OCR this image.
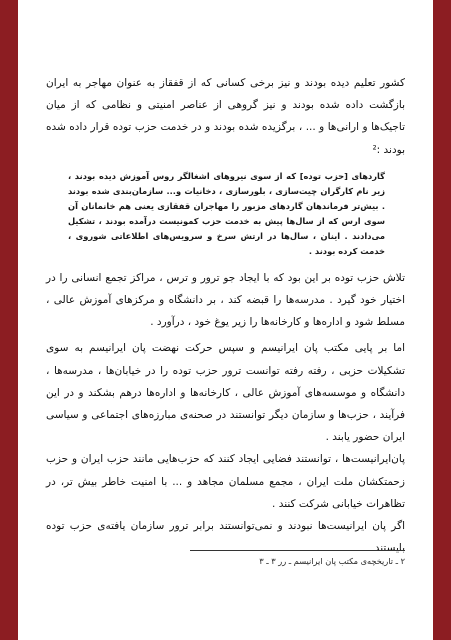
کشور تعلیم دیده بودند و نیز برخی کسانی که از قفقاز به عنوان مهاجر به ایران بازگشت داده شده بودند و نیز گروهی از عناصر امنیتی و نظامی که از میان تاجیک‌ها و ارانی‌ها و ... ، برگزیده شده بودند و در خدمت حزب توده قرار داده شده بودند :²

گاردهای [حزب توده] که از سوی نیروهای اشغالگر روس آموزش دیده بودند ، زیر نام کارگران چیت‌سازی ، بلورسازی ، دخانیات و... سازمان‌بندی شده بودند . بیش‌تر فرماندهان گاردهای مزبور را مهاجران قفقازی یعنی هم خانمانان آن سوی ارس که از سال‌ها پیش به خدمت حزب کمونیست درآمده بودند ، تشکیل می‌دادند . اینان ، سال‌ها در ارتش سرخ و سرویس‌های اطلاعاتی شوروی ، خدمت کرده بودند .

تلاش حزب توده بر این بود که با ایجاد جو ترور و ترس ، مراکز تجمع انسانی را در اختیار خود گیرد . مدرسه‌ها را قبضه کند ، بر دانشگاه و مرکزهای آموزش عالی ، مسلط شود و اداره‌ها و کارخانه‌ها را زیر یوغ خود ، درآورد .

اما بر پایی مکتب پان ایرانیسم و سپس حرکت نهضت پان ایرانیسم به سوی تشکیلات حزبی ، رفته رفته توانست ترور حزب توده را در خیابان‌ها ، مدرسه‌ها ، دانشگاه و موسسه‌های آموزش عالی ، کارخانه‌ها و اداره‌ها درهم بشکند و در این فرآیند ، حزب‌ها و سازمان دیگر توانستند در صحنه‌ی مبارزه‌های اجتماعی و سیاسی ایران حضور یابند .

پان‌ایرانیست‌ها ، توانستند فضایی ایجاد کنند که حزب‌هایی مانند حزب ایران و حزب زحمتکشان ملت ایران ، مجمع مسلمان مجاهد و ... با امنیت خاطر بیش تر، در تظاهرات خیابانی شرکت کنند .

اگر پان ایرانیست‌ها نبودند و نمی‌توانستند برابر ترور سازمان یافته‌ی حزب توده بایستند

٢ ـ تاریخچه‌ی مکتب پان ایرانیسم ـ رر ٣ ـ ٣
